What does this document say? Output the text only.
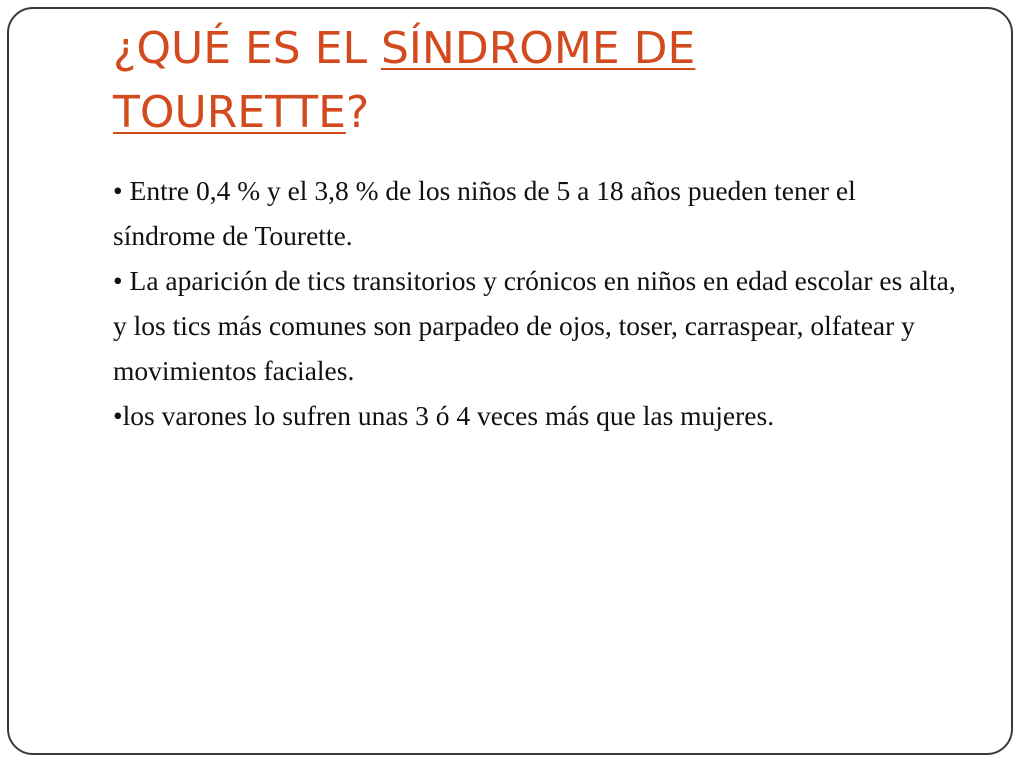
¿QUÉ ES EL SÍNDROME DE
TOURETTE?

• Entre 0,4 % y el 3,8 % de los niños de 5 a 18 años pueden tener el síndrome de Tourette.

• La aparición de tics transitorios y crónicos en niños en edad escolar es alta, y los tics más comunes son parpadeo de ojos, toser, carraspear, olfatear y movimientos faciales.

•los varones lo sufren unas 3 ó 4 veces más que las mujeres.
